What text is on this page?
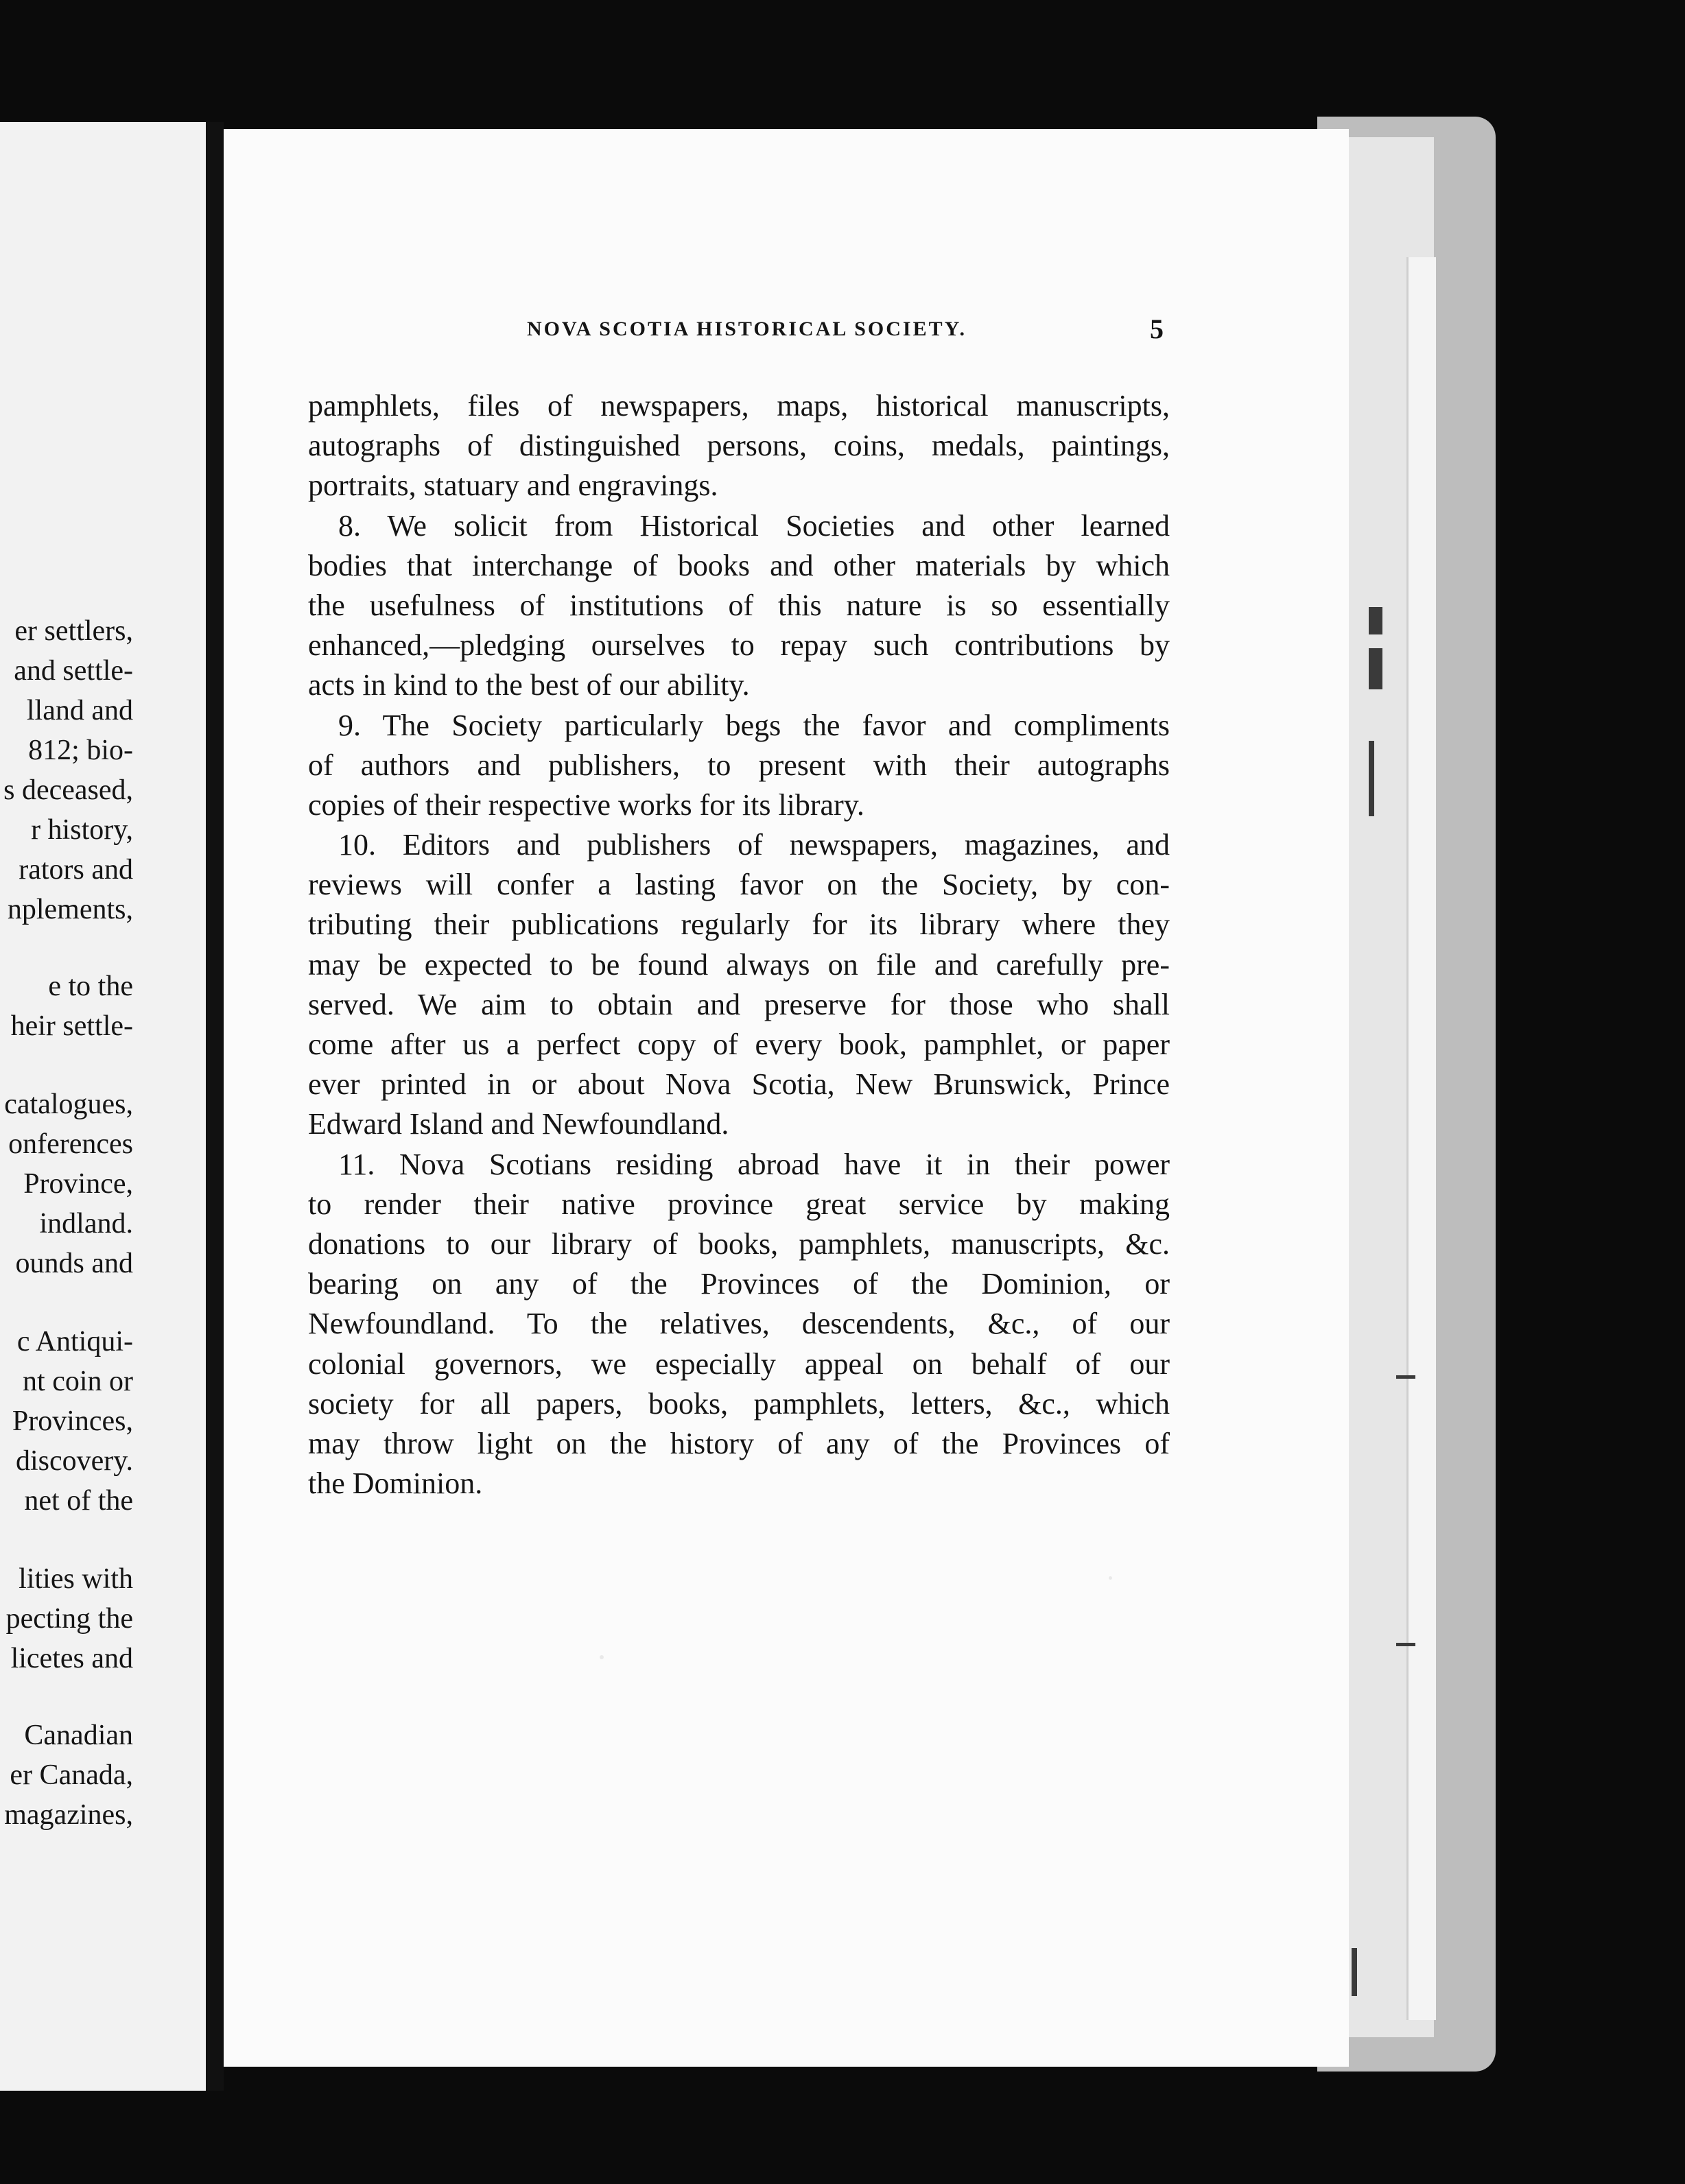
er settlers,
and settle-
lland and
812; bio-
s deceased,
r history,
rators and
nplements,
e to the
heir settle-
catalogues,
onferences
Province,
indland.
ounds and
c Antiqui-
nt coin or
Provinces,
discovery.
net of the
lities with
pecting the
licetes and
Canadian
er Canada,
magazines,
NOVA SCOTIA HISTORICAL SOCIETY.	5
pamphlets, files of newspapers, maps, historical manuscripts,
autographs of distinguished persons, coins, medals, paintings,
portraits, statuary and engravings.
8. We solicit from Historical Societies and other learned
bodies that interchange of books and other materials by which
the usefulness of institutions of this nature is so essentially
enhanced,—pledging ourselves to repay such contributions by
acts in kind to the best of our ability.
9. The Society particularly begs the favor and compliments
of authors and publishers, to present with their autographs
copies of their respective works for its library.
10. Editors and publishers of newspapers, magazines, and
reviews will confer a lasting favor on the Society, by con-
tributing their publications regularly for its library where they
may be expected to be found always on file and carefully pre-
served. We aim to obtain and preserve for those who shall
come after us a perfect copy of every book, pamphlet, or paper
ever printed in or about Nova Scotia, New Brunswick, Prince
Edward Island and Newfoundland.
11. Nova Scotians residing abroad have it in their power
to render their native province great service by making
donations to our library of books, pamphlets, manuscripts, &c.
bearing on any of the Provinces of the Dominion, or
Newfoundland. To the relatives, descendents, &c., of our
colonial governors, we especially appeal on behalf of our
society for all papers, books, pamphlets, letters, &c., which
may throw light on the history of any of the Provinces of
the Dominion.
